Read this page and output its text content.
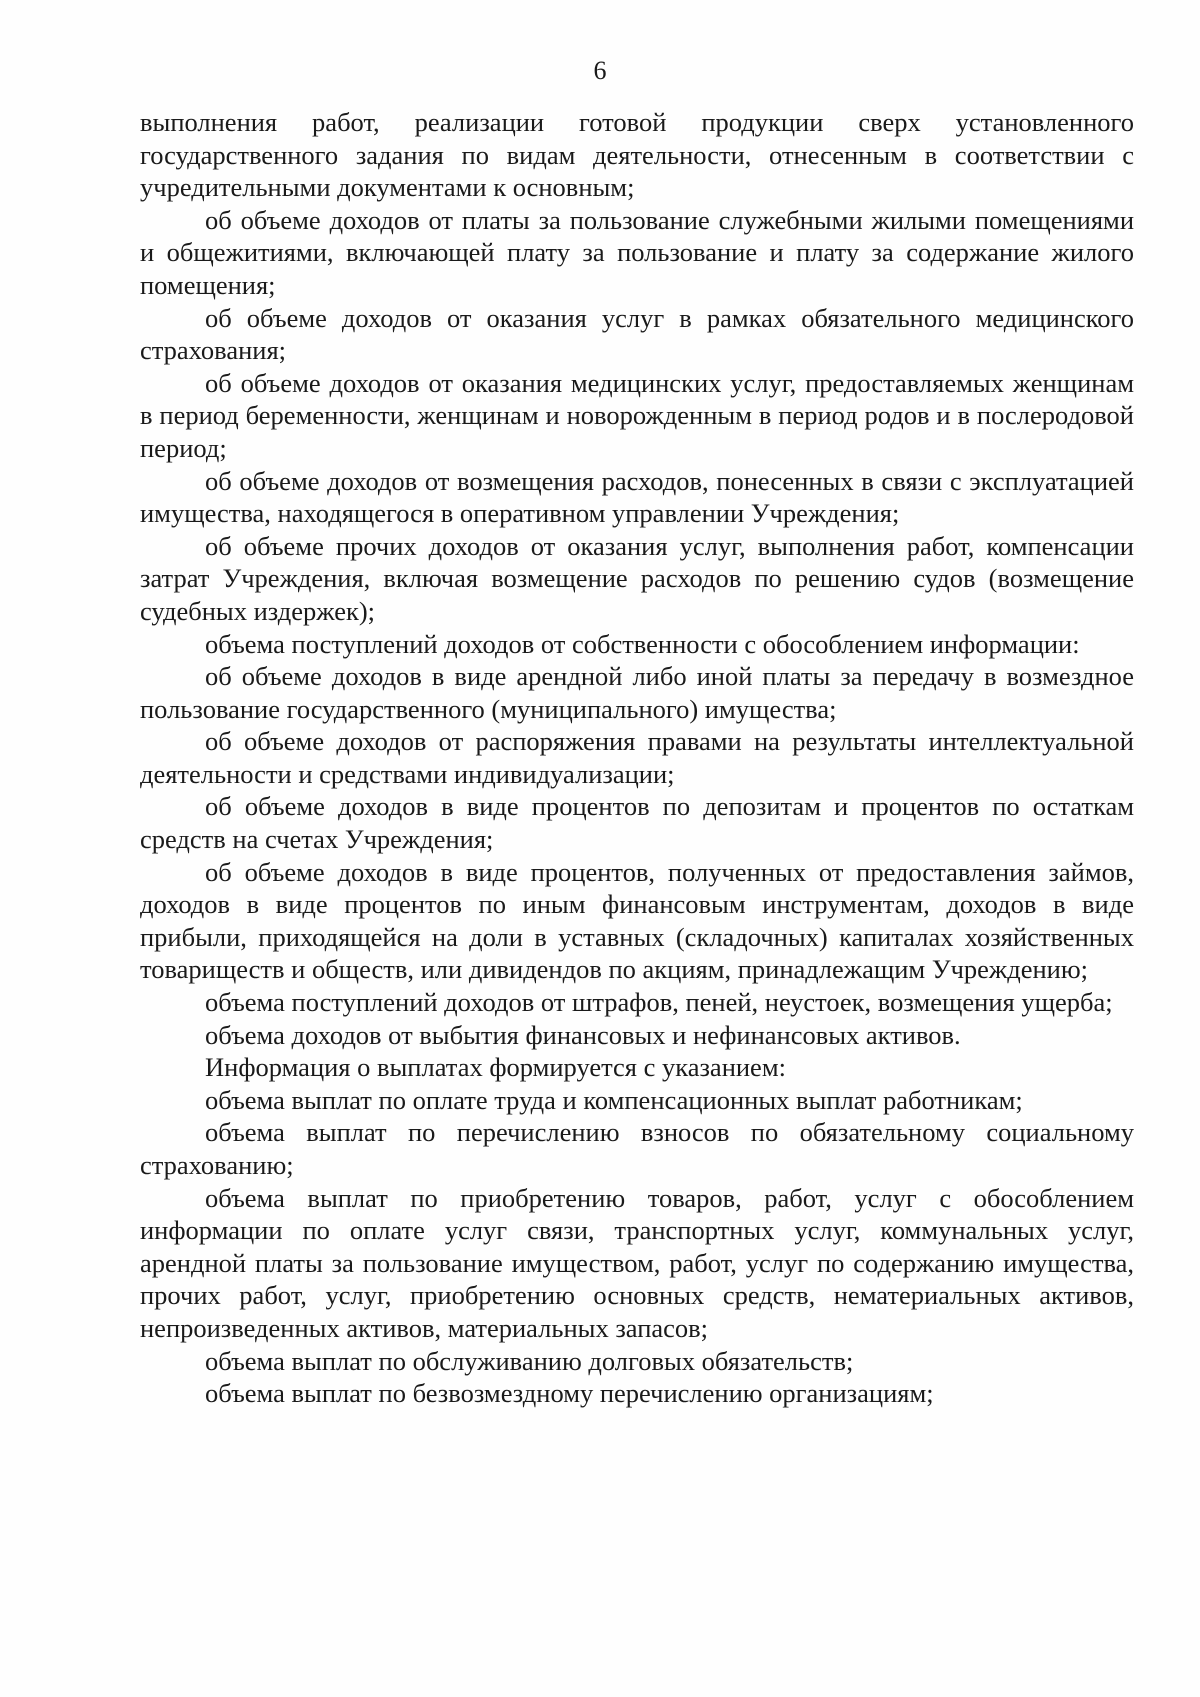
6

выполнения работ, реализации готовой продукции сверх установленного государственного задания по видам деятельности, отнесенным в соответствии с учредительными документами к основным;

об объеме доходов от платы за пользование служебными жилыми помещениями и общежитиями, включающей плату за пользование и плату за содержание жилого помещения;

об объеме доходов от оказания услуг в рамках обязательного медицинского страхования;

об объеме доходов от оказания медицинских услуг, предоставляемых женщинам в период беременности, женщинам и новорожденным в период родов и в послеродовой период;

об объеме доходов от возмещения расходов, понесенных в связи с эксплуатацией имущества, находящегося в оперативном управлении Учреждения;

об объеме прочих доходов от оказания услуг, выполнения работ, компенсации затрат Учреждения, включая возмещение расходов по решению судов (возмещение судебных издержек);

объема поступлений доходов от собственности с обособлением информации:

об объеме доходов в виде арендной либо иной платы за передачу в возмездное пользование государственного (муниципального) имущества;

об объеме доходов от распоряжения правами на результаты интеллектуальной деятельности и средствами индивидуализации;

об объеме доходов в виде процентов по депозитам и процентов по остаткам средств на счетах Учреждения;

об объеме доходов в виде процентов, полученных от предоставления займов, доходов в виде процентов по иным финансовым инструментам, доходов в виде прибыли, приходящейся на доли в уставных (складочных) капиталах хозяйственных товариществ и обществ, или дивидендов по акциям, принадлежащим Учреждению;

объема поступлений доходов от штрафов, пеней, неустоек, возмещения ущерба;

объема доходов от выбытия финансовых и нефинансовых активов.

Информация о выплатах формируется с указанием:

объема выплат по оплате труда и компенсационных выплат работникам;

объема выплат по перечислению взносов по обязательному социальному страхованию;

объема выплат по приобретению товаров, работ, услуг с обособлением информации по оплате услуг связи, транспортных услуг, коммунальных услуг, арендной платы за пользование имуществом, работ, услуг по содержанию имущества, прочих работ, услуг, приобретению основных средств, нематериальных активов, непроизведенных активов, материальных запасов;

объема выплат по обслуживанию долговых обязательств;

объема выплат по безвозмездному перечислению организациям;
